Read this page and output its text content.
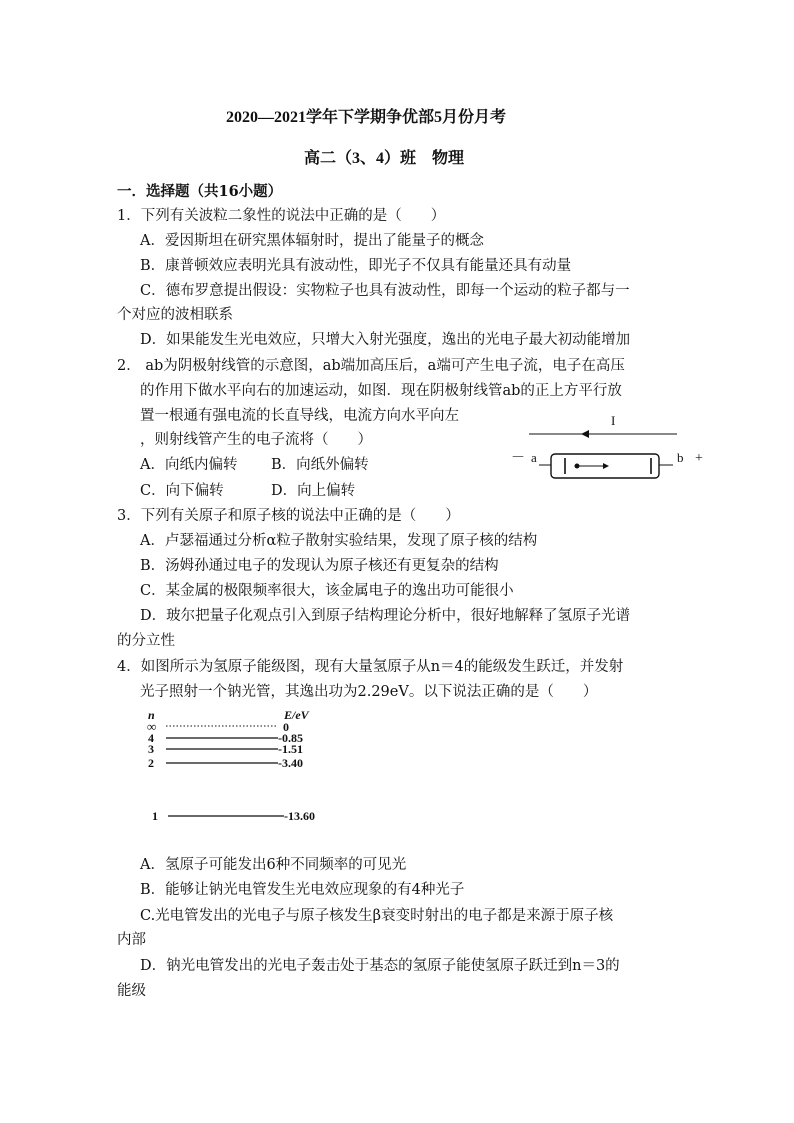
2020—2021学年下学期争优部5月份月考
高二（3、4）班　物理
一．选择题（共16小题）
1．下列有关波粒二象性的说法中正确的是（　　）
A．爱因斯坦在研究黑体辐射时，提出了能量子的概念
B．康普顿效应表明光具有波动性，即光子不仅具有能量还具有动量
C．德布罗意提出假设：实物粒子也具有波动性，即每一个运动的粒子都与一
个对应的波相联系
D．如果能发生光电效应，只增大入射光强度，逸出的光电子最大初动能增加
2． ab为阴极射线管的示意图，ab端加高压后，a端可产生电子流，电子在高压
的作用下做水平向右的加速运动，如图．现在阴极射线管ab的正上方平行放
置一根通有强电流的长直导线，电流方向水平向左
，则射线管产生的电子流将（　　）
A．向纸内偏转 B．向纸外偏转
C．向下偏转	D．向上偏转
I
－ a	b +
3．下列有关原子和原子核的说法中正确的是（　　）
A．卢瑟福通过分析α粒子散射实验结果，发现了原子核的结构
B．汤姆孙通过电子的发现认为原子核还有更复杂的结构
C．某金属的极限频率很大，该金属电子的逸出功可能很小
D．玻尔把量子化观点引入到原子结构理论分析中，很好地解释了氢原子光谱
的分立性
4．如图所示为氢原子能级图，现有大量氢原子从n＝4的能级发生跃迁，并发射
光子照射一个钠光管，其逸出功为2.29eV。以下说法正确的是（　　）
n	E/eV
∞	0
4	-0.85
3	-1.51
2	-3.40
1	-13.60
A．氢原子可能发出6种不同频率的可见光
B．能够让钠光电管发生光电效应现象的有4种光子
C.光电管发出的光电子与原子核发生β衰变时射出的电子都是来源于原子核
内部
D．钠光电管发出的光电子轰击处于基态的氢原子能使氢原子跃迁到n＝3的
能级
